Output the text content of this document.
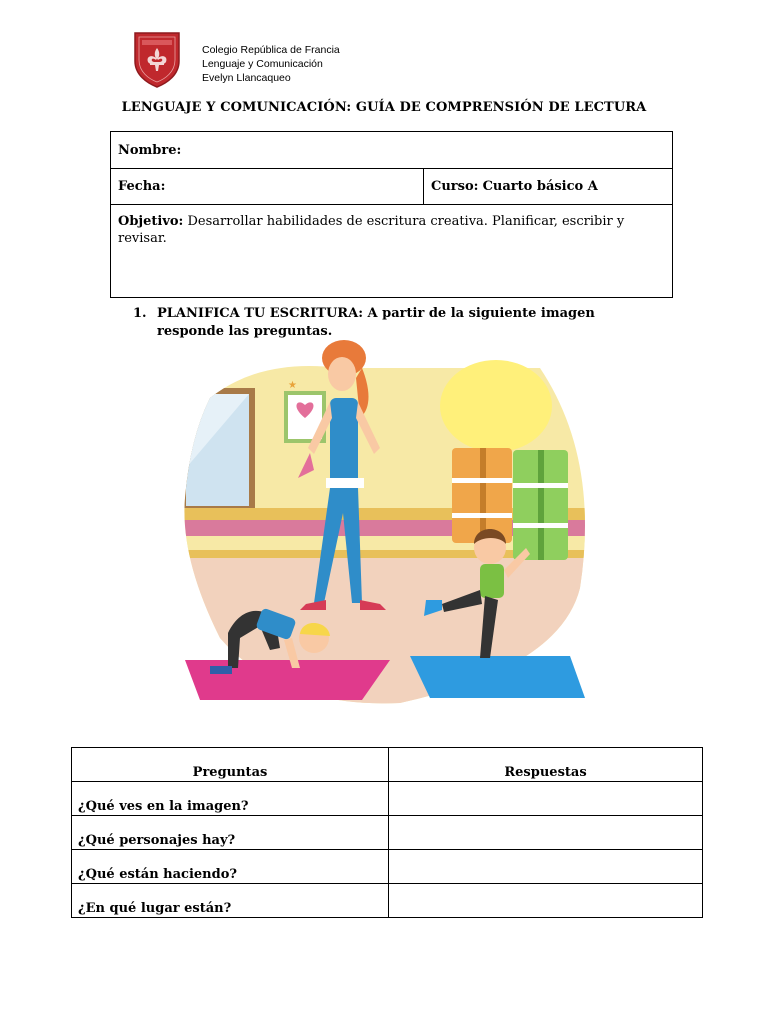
Colegio República de Francia
Lenguaje y Comunicación
Evelyn Llancaqueo
LENGUAJE Y COMUNICACIÓN: GUÍA DE COMPRENSIÓN DE LECTURA
Nombre:
Fecha:	Curso: Cuarto básico A
Objetivo: Desarrollar habilidades de escritura creativa. Planificar, escribir y revisar.
1. PLANIFICA TU ESCRITURA: A partir de la siguiente imagen responde las preguntas.
★
Preguntas	Respuestas
¿Qué ves en la imagen?	
¿Qué personajes hay?	
¿Qué están haciendo?	
¿En qué lugar están?	
